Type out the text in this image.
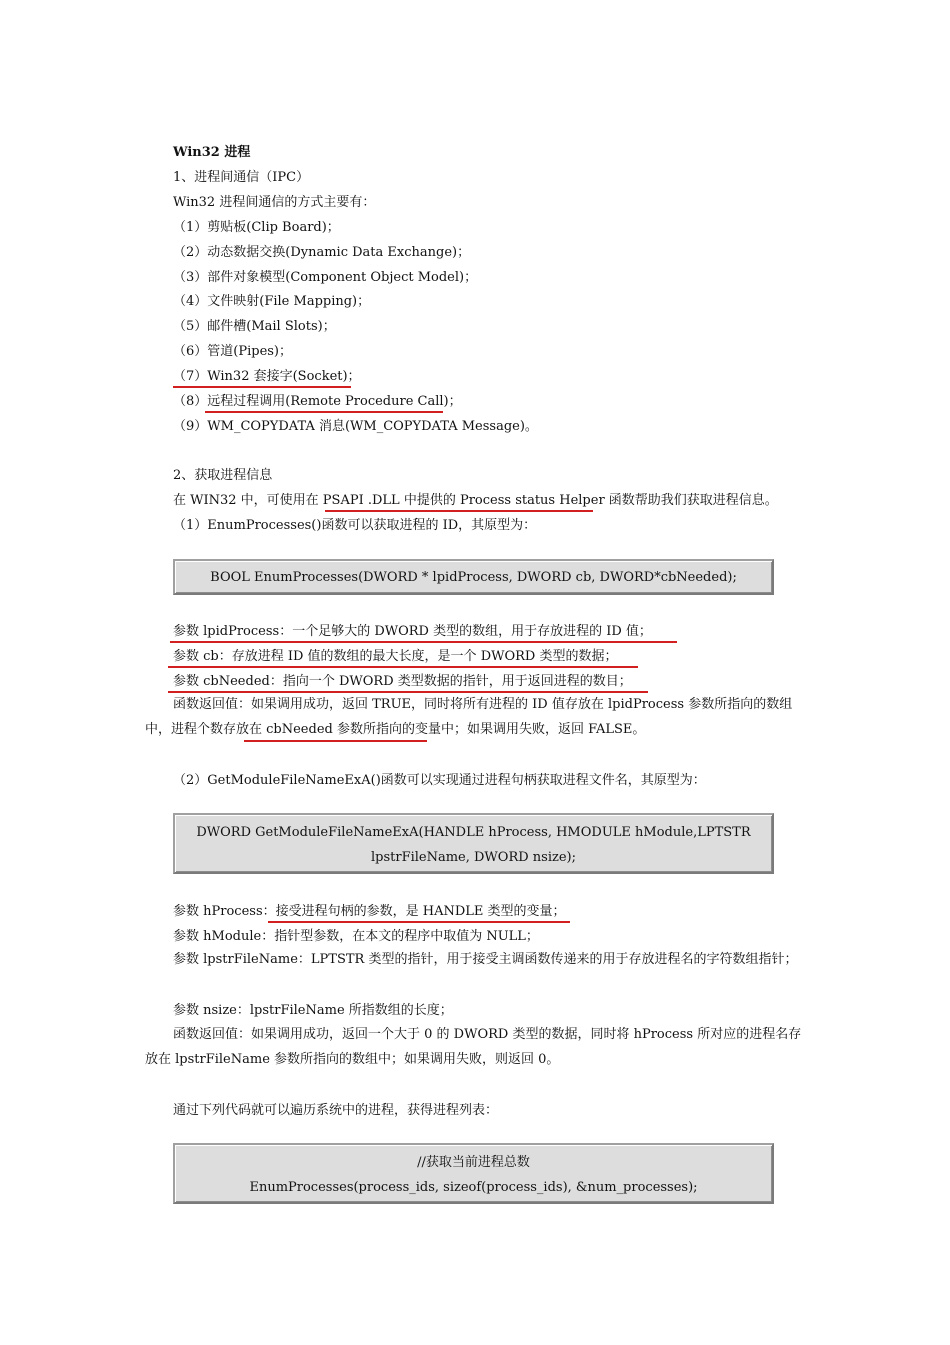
Win32 进程
1、进程间通信（IPC）
Win32 进程间通信的方式主要有：
（1）剪贴板(Clip Board)；
（2）动态数据交换(Dynamic Data Exchange)；
（3）部件对象模型(Component Object Model)；
（4）文件映射(File Mapping)；
（5）邮件槽(Mail Slots)；
（6）管道(Pipes)；
（7）Win32 套接字(Socket)；
（8）远程过程调用(Remote Procedure Call)；
（9）WM_COPYDATA 消息(WM_COPYDATA Message)。
2、获取进程信息
在 WIN32 中，可使用在 PSAPI .DLL 中提供的 Process status Helper 函数帮助我们获取进程信息。
（1）EnumProcesses()函数可以获取进程的 ID，其原型为：
BOOL EnumProcesses(DWORD * lpidProcess, DWORD cb, DWORD*cbNeeded);
参数 lpidProcess：一个足够大的 DWORD 类型的数组，用于存放进程的 ID 值；
参数 cb：存放进程 ID 值的数组的最大长度，是一个 DWORD 类型的数据；
参数 cbNeeded：指向一个 DWORD 类型数据的指针，用于返回进程的数目；
函数返回值：如果调用成功，返回 TRUE，同时将所有进程的 ID 值存放在 lpidProcess 参数所指向的数组中，进程个数存放在 cbNeeded 参数所指向的变量中；如果调用失败，返回 FALSE。
（2）GetModuleFileNameExA()函数可以实现通过进程句柄获取进程文件名，其原型为：
DWORD GetModuleFileNameExA(HANDLE hProcess, HMODULE hModule,LPTSTR
lpstrFileName, DWORD nsize);
参数 hProcess：接受进程句柄的参数，是 HANDLE 类型的变量；
参数 hModule：指针型参数，在本文的程序中取值为 NULL；
参数 lpstrFileName：LPTSTR 类型的指针，用于接受主调函数传递来的用于存放进程名的字符数组指针；
参数 nsize：lpstrFileName 所指数组的长度；
函数返回值：如果调用成功，返回一个大于 0 的 DWORD 类型的数据，同时将 hProcess 所对应的进程名存放在 lpstrFileName 参数所指向的数组中；如果调用失败，则返回 0。
通过下列代码就可以遍历系统中的进程，获得进程列表：
//获取当前进程总数
EnumProcesses(process_ids, sizeof(process_ids), &num_processes);
